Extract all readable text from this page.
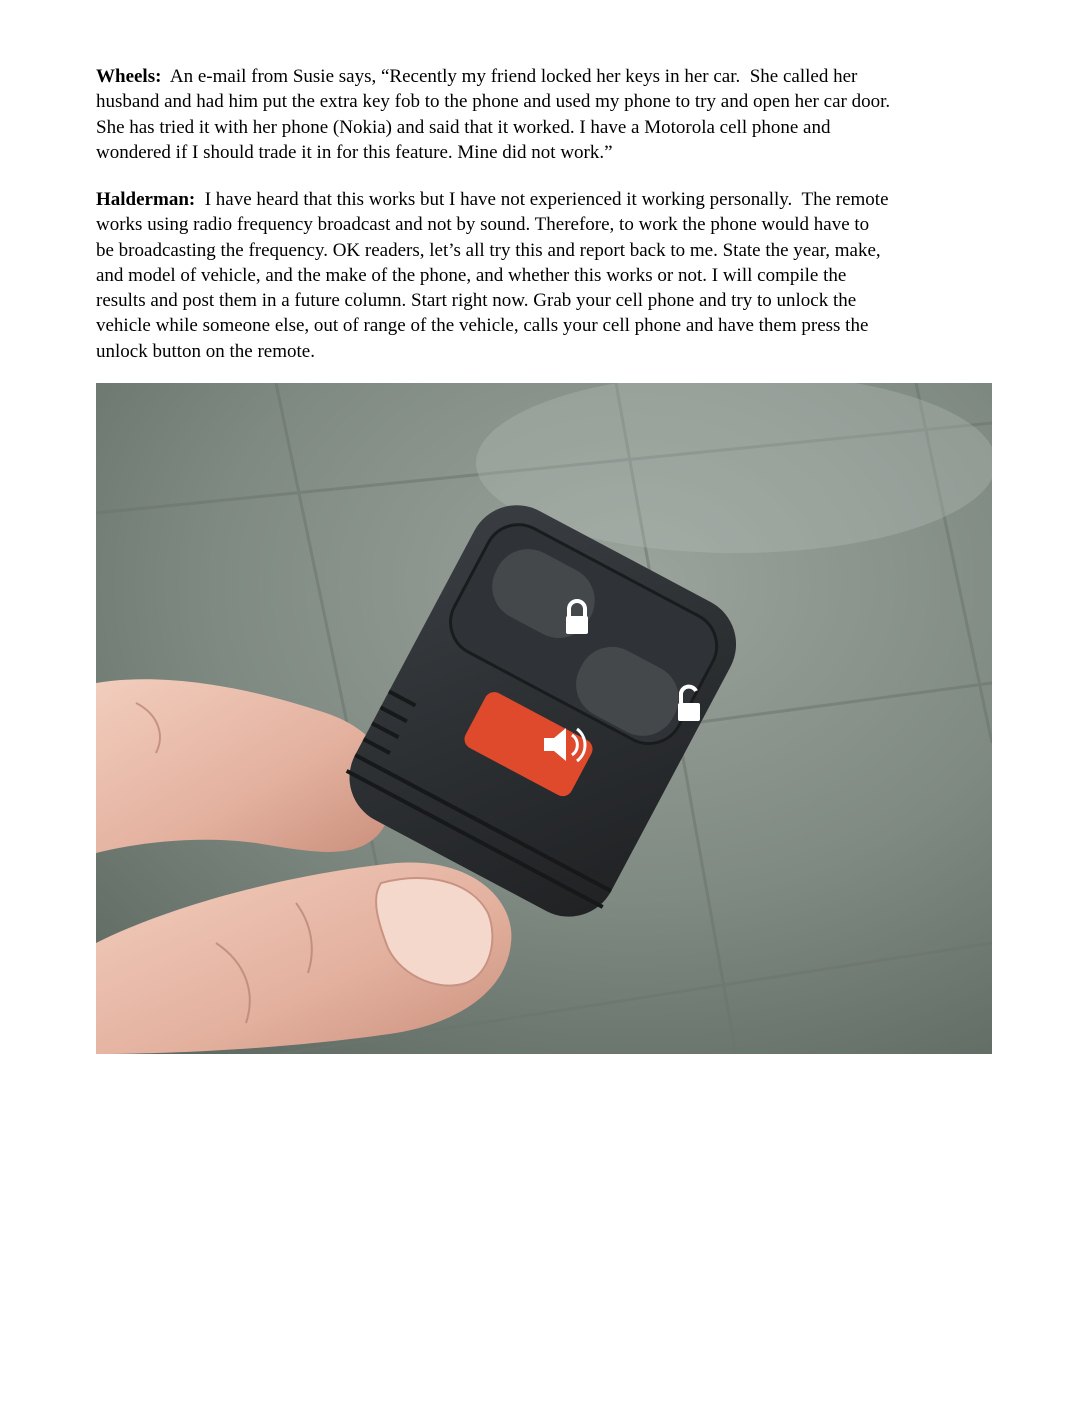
Wheels:  An e-mail from Susie says, “Recently my friend locked her keys in her car.  She called her
husband and had him put the extra key fob to the phone and used my phone to try and open her car door.
She has tried it with her phone (Nokia) and said that it worked. I have a Motorola cell phone and
wondered if I should trade it in for this feature. Mine did not work.”

Halderman:  I have heard that this works but I have not experienced it working personally.  The remote
works using radio frequency broadcast and not by sound. Therefore, to work the phone would have to
be broadcasting the frequency. OK readers, let’s all try this and report back to me. State the year, make,
and model of vehicle, and the make of the phone, and whether this works or not. I will compile the
results and post them in a future column. Start right now. Grab your cell phone and try to unlock the
vehicle while someone else, out of range of the vehicle, calls your cell phone and have them press the
unlock button on the remote.
